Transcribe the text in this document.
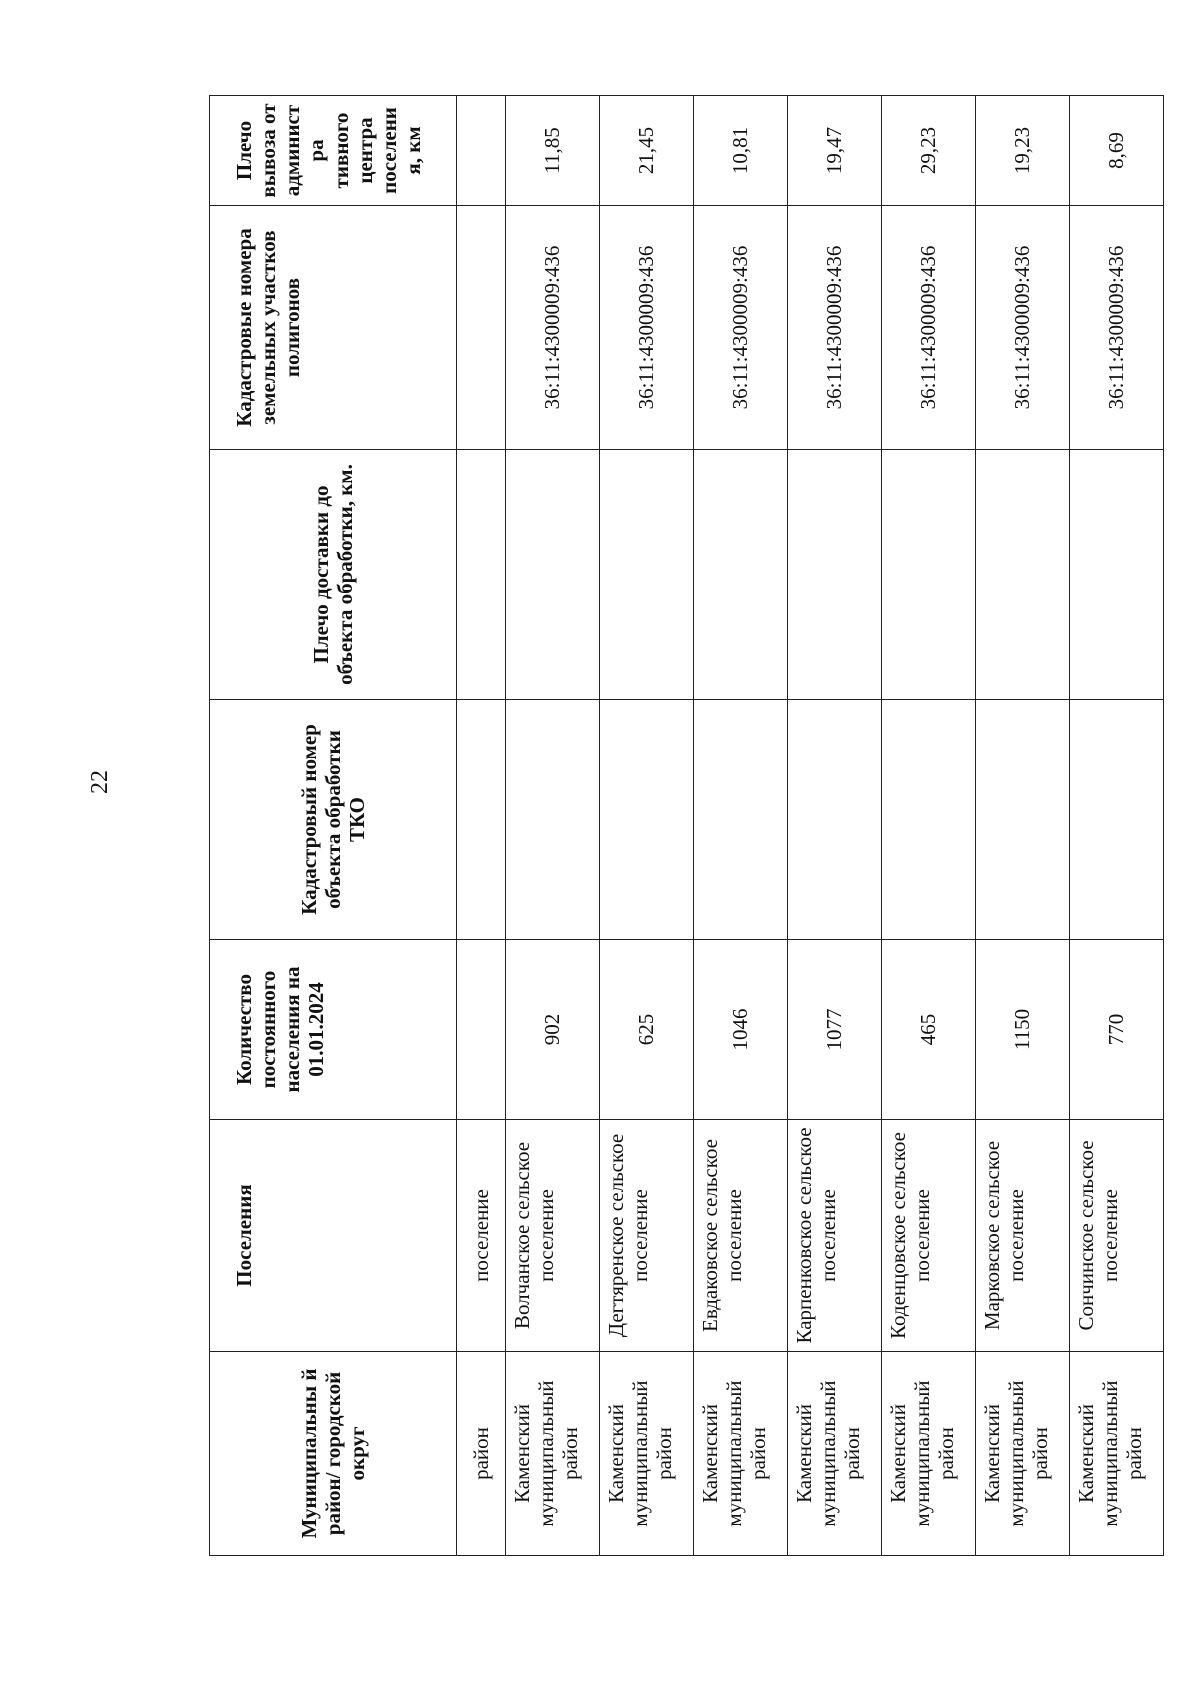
22
Муниципальны й район/ городской округ	Поселения	Количество постоянного населения на 01.01.2024	Кадастровый номер объекта обработки ТКО	Плечо доставки до объекта обработки, км.	Кадастровые номера земельных участков полигонов	Плечо вывоза от администра тивного центра поселения, км
район	поселение					
Каменский муниципальный район	Волчанское сельское поселение	902			36:11:4300009:436	11,85
Каменский муниципальный район	Дегтяренское сельское поселение	625			36:11:4300009:436	21,45
Каменский муниципальный район	Евдаковское сельское поселение	1046			36:11:4300009:436	10,81
Каменский муниципальный район	Карпенковское сельское поселение	1077			36:11:4300009:436	19,47
Каменский муниципальный район	Коденцовское сельское поселение	465			36:11:4300009:436	29,23
Каменский муниципальный район	Марковское сельское поселение	1150			36:11:4300009:436	19,23
Каменский муниципальный район	Сончинское сельское поселение	770			36:11:4300009:436	8,69
